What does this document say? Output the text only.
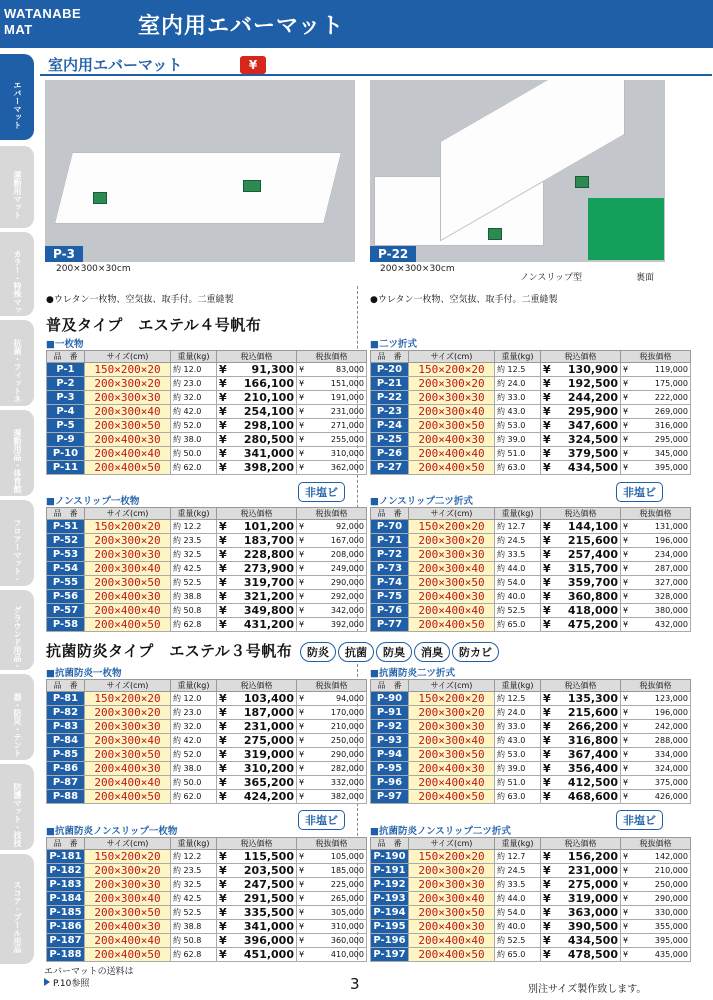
WATANABE
MAT	室内用エバーマット
エバーマット
運動用マット
カラー・特殊マッ
抗菌・フィットネ
運動用品・体育館
フロアーマット・
グラウンド用品・
器・防災・テント
防護マット・技技
スコア・プール用品
室内用エバーマット	¥
P-3
200×300×30cm
P-22
200×300×30cm
ノンスリップ型	裏面
●ウレタン一枚物、空気抜、取手付。二重縫製	●ウレタン一枚物、空気抜、取手付。二重縫製
普及タイプ　エステル４号帆布
抗菌防炎タイプ　エステル３号帆布	防炎 抗菌 防臭 消臭 防カビ
■一枚物	■二ツ折式
■ノンスリップ一枚物	■ノンスリップ二ツ折式
■抗菌防炎一枚物	■抗菌防炎二ツ折式
■抗菌防炎ノンスリップ一枚物	■抗菌防炎ノンスリップ二ツ折式
非塩ビ	非塩ビ
非塩ビ	非塩ビ
品　番	サイズ(cm)	重量(kg)	税込価格	税抜価格
P-1	150×200×20	約 12.0	¥ 91,300	¥ 83,000

P-2	200×300×20	約 23.0	¥ 166,100	¥ 151,000

P-3	200×300×30	約 32.0	¥ 210,100	¥ 191,000

P-4	200×300×40	約 42.0	¥ 254,100	¥ 231,000

P-5	200×300×50	約 52.0	¥ 298,100	¥ 271,000

P-9	200×400×30	約 38.0	¥ 280,500	¥ 255,000

P-10	200×400×40	約 50.0	¥ 341,000	¥ 310,000

P-11	200×400×50	約 62.0	¥ 398,200	¥ 362,000
品　番	サイズ(cm)	重量(kg)	税込価格	税抜価格
P-20	150×200×20	約 12.5	¥ 130,900	¥ 119,000

P-21	200×300×20	約 24.0	¥ 192,500	¥ 175,000

P-22	200×300×30	約 33.0	¥ 244,200	¥ 222,000

P-23	200×300×40	約 43.0	¥ 295,900	¥ 269,000

P-24	200×300×50	約 53.0	¥ 347,600	¥ 316,000

P-25	200×400×30	約 39.0	¥ 324,500	¥ 295,000

P-26	200×400×40	約 51.0	¥ 379,500	¥ 345,000

P-27	200×400×50	約 63.0	¥ 434,500	¥ 395,000
品　番	サイズ(cm)	重量(kg)	税込価格	税抜価格
P-51	150×200×20	約 12.2	¥ 101,200	¥ 92,000

P-52	200×300×20	約 23.5	¥ 183,700	¥ 167,000

P-53	200×300×30	約 32.5	¥ 228,800	¥ 208,000

P-54	200×300×40	約 42.5	¥ 273,900	¥ 249,000

P-55	200×300×50	約 52.5	¥ 319,700	¥ 290,000

P-56	200×400×30	約 38.8	¥ 321,200	¥ 292,000

P-57	200×400×40	約 50.8	¥ 349,800	¥ 342,000

P-58	200×400×50	約 62.8	¥ 431,200	¥ 392,000
品　番	サイズ(cm)	重量(kg)	税込価格	税抜価格
P-70	150×200×20	約 12.7	¥ 144,100	¥ 131,000

P-71	200×300×20	約 24.5	¥ 215,600	¥ 196,000

P-72	200×300×30	約 33.5	¥ 257,400	¥ 234,000

P-73	200×300×40	約 44.0	¥ 315,700	¥ 287,000

P-74	200×300×50	約 54.0	¥ 359,700	¥ 327,000

P-75	200×400×30	約 40.0	¥ 360,800	¥ 328,000

P-76	200×400×40	約 52.5	¥ 418,000	¥ 380,000

P-77	200×400×50	約 65.0	¥ 475,200	¥ 432,000
品　番	サイズ(cm)	重量(kg)	税込価格	税抜価格
P-81	150×200×20	約 12.0	¥ 103,400	¥ 94,000

P-82	200×300×20	約 23.0	¥ 187,000	¥ 170,000

P-83	200×300×30	約 32.0	¥ 231,000	¥ 210,000

P-84	200×300×40	約 42.0	¥ 275,000	¥ 250,000

P-85	200×300×50	約 52.0	¥ 319,000	¥ 290,000

P-86	200×400×30	約 38.0	¥ 310,200	¥ 282,000

P-87	200×400×40	約 50.0	¥ 365,200	¥ 332,000

P-88	200×400×50	約 62.0	¥ 424,200	¥ 382,000
品　番	サイズ(cm)	重量(kg)	税込価格	税抜価格
P-90	150×200×20	約 12.5	¥ 135,300	¥ 123,000

P-91	200×300×20	約 24.0	¥ 215,600	¥ 196,000

P-92	200×300×30	約 33.0	¥ 266,200	¥ 242,000

P-93	200×300×40	約 43.0	¥ 316,800	¥ 288,000

P-94	200×300×50	約 53.0	¥ 367,400	¥ 334,000

P-95	200×400×30	約 39.0	¥ 356,400	¥ 324,000

P-96	200×400×40	約 51.0	¥ 412,500	¥ 375,000

P-97	200×400×50	約 63.0	¥ 468,600	¥ 426,000
品　番	サイズ(cm)	重量(kg)	税込価格	税抜価格
P-181	150×200×20	約 12.2	¥ 115,500	¥ 105,000

P-182	200×300×20	約 23.5	¥ 203,500	¥ 185,000

P-183	200×300×30	約 32.5	¥ 247,500	¥ 225,000

P-184	200×300×40	約 42.5	¥ 291,500	¥ 265,000

P-185	200×300×50	約 52.5	¥ 335,500	¥ 305,000

P-186	200×400×30	約 38.8	¥ 341,000	¥ 310,000

P-187	200×400×40	約 50.8	¥ 396,000	¥ 360,000

P-188	200×400×50	約 62.8	¥ 451,000	¥ 410,000
品　番	サイズ(cm)	重量(kg)	税込価格	税抜価格
P-190	150×200×20	約 12.7	¥ 156,200	¥ 142,000

P-191	200×300×20	約 24.5	¥ 231,000	¥ 210,000

P-192	200×300×30	約 33.5	¥ 275,000	¥ 250,000

P-193	200×300×40	約 44.0	¥ 319,000	¥ 290,000

P-194	200×300×50	約 54.0	¥ 363,000	¥ 330,000

P-195	200×400×30	約 40.0	¥ 390,500	¥ 355,000

P-196	200×400×40	約 52.5	¥ 434,500	¥ 395,000

P-197	200×400×50	約 65.0	¥ 478,500	¥ 435,000
エバーマットの送料は
P.10参照	3	別注サイズ製作致します。
